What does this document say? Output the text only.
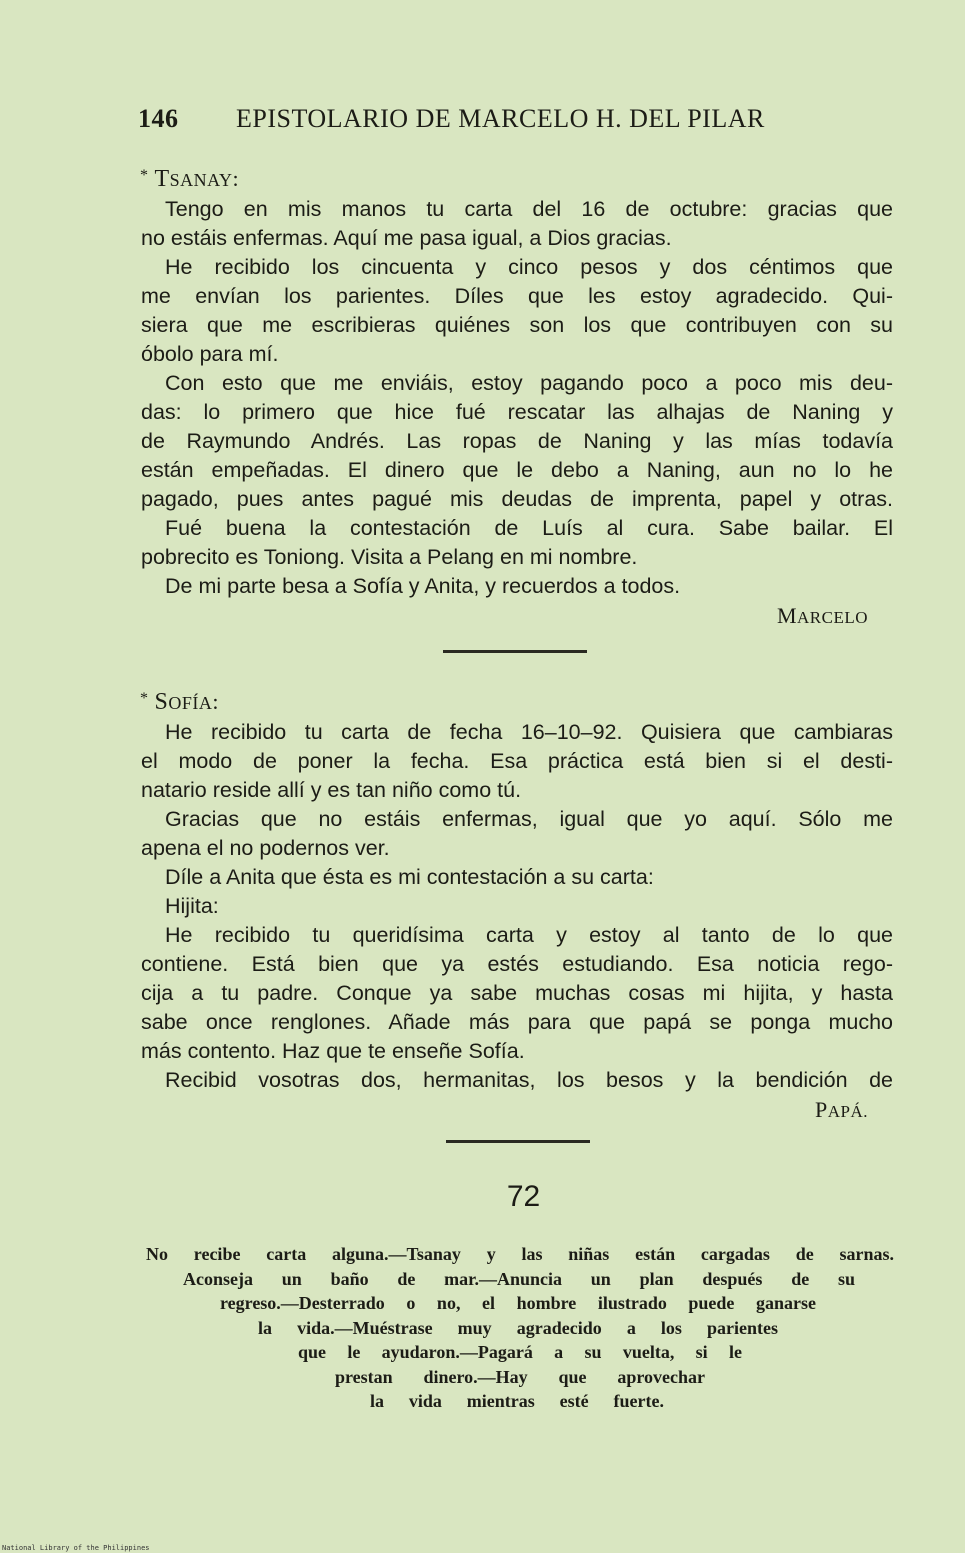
146 EPISTOLARIO DE MARCELO H. DEL PILAR
* TSANAY:
Tengo en mis manos tu carta del 16 de octubre: gracias que
no estáis enfermas. Aquí me pasa igual, a Dios gracias.
He recibido los cincuenta y cinco pesos y dos céntimos que
me envían los parientes. Díles que les estoy agradecido. Qui-
siera que me escribieras quiénes son los que contribuyen con su
óbolo para mí.
Con esto que me enviáis, estoy pagando poco a poco mis deu-
das: lo primero que hice fué rescatar las alhajas de Naning y
de Raymundo Andrés. Las ropas de Naning y las mías todavía
están empeñadas. El dinero que le debo a Naning, aun no lo he
pagado, pues antes pagué mis deudas de imprenta, papel y otras.
Fué buena la contestación de Luís al cura. Sabe bailar. El
pobrecito es Toniong. Visita a Pelang en mi nombre.
De mi parte besa a Sofía y Anita, y recuerdos a todos.
MARCELO
* SOFÍA:
He recibido tu carta de fecha 16–10–92. Quisiera que cambiaras
el modo de poner la fecha. Esa práctica está bien si el desti-
natario reside allí y es tan niño como tú.
Gracias que no estáis enfermas, igual que yo aquí. Sólo me
apena el no podernos ver.
Díle a Anita que ésta es mi contestación a su carta:
Hijita:
He recibido tu queridísima carta y estoy al tanto de lo que
contiene. Está bien que ya estés estudiando. Esa noticia rego-
cija a tu padre. Conque ya sabe muchas cosas mi hijita, y hasta
sabe once renglones. Añade más para que papá se ponga mucho
más contento. Haz que te enseñe Sofía.
Recibid vosotras dos, hermanitas, los besos y la bendición de
PAPÁ.
72
No recibe carta alguna.—Tsanay y las niñas están cargadas de sarnas.
Aconseja un baño de mar.—Anuncia un plan después de su
regreso.—Desterrado o no, el hombre ilustrado puede ganarse
la vida.—Muéstrase muy agradecido a los parientes
que le ayudaron.—Pagará a su vuelta, si le
prestan dinero.—Hay que aprovechar
la vida mientras esté fuerte.
National Library of the Philippines
